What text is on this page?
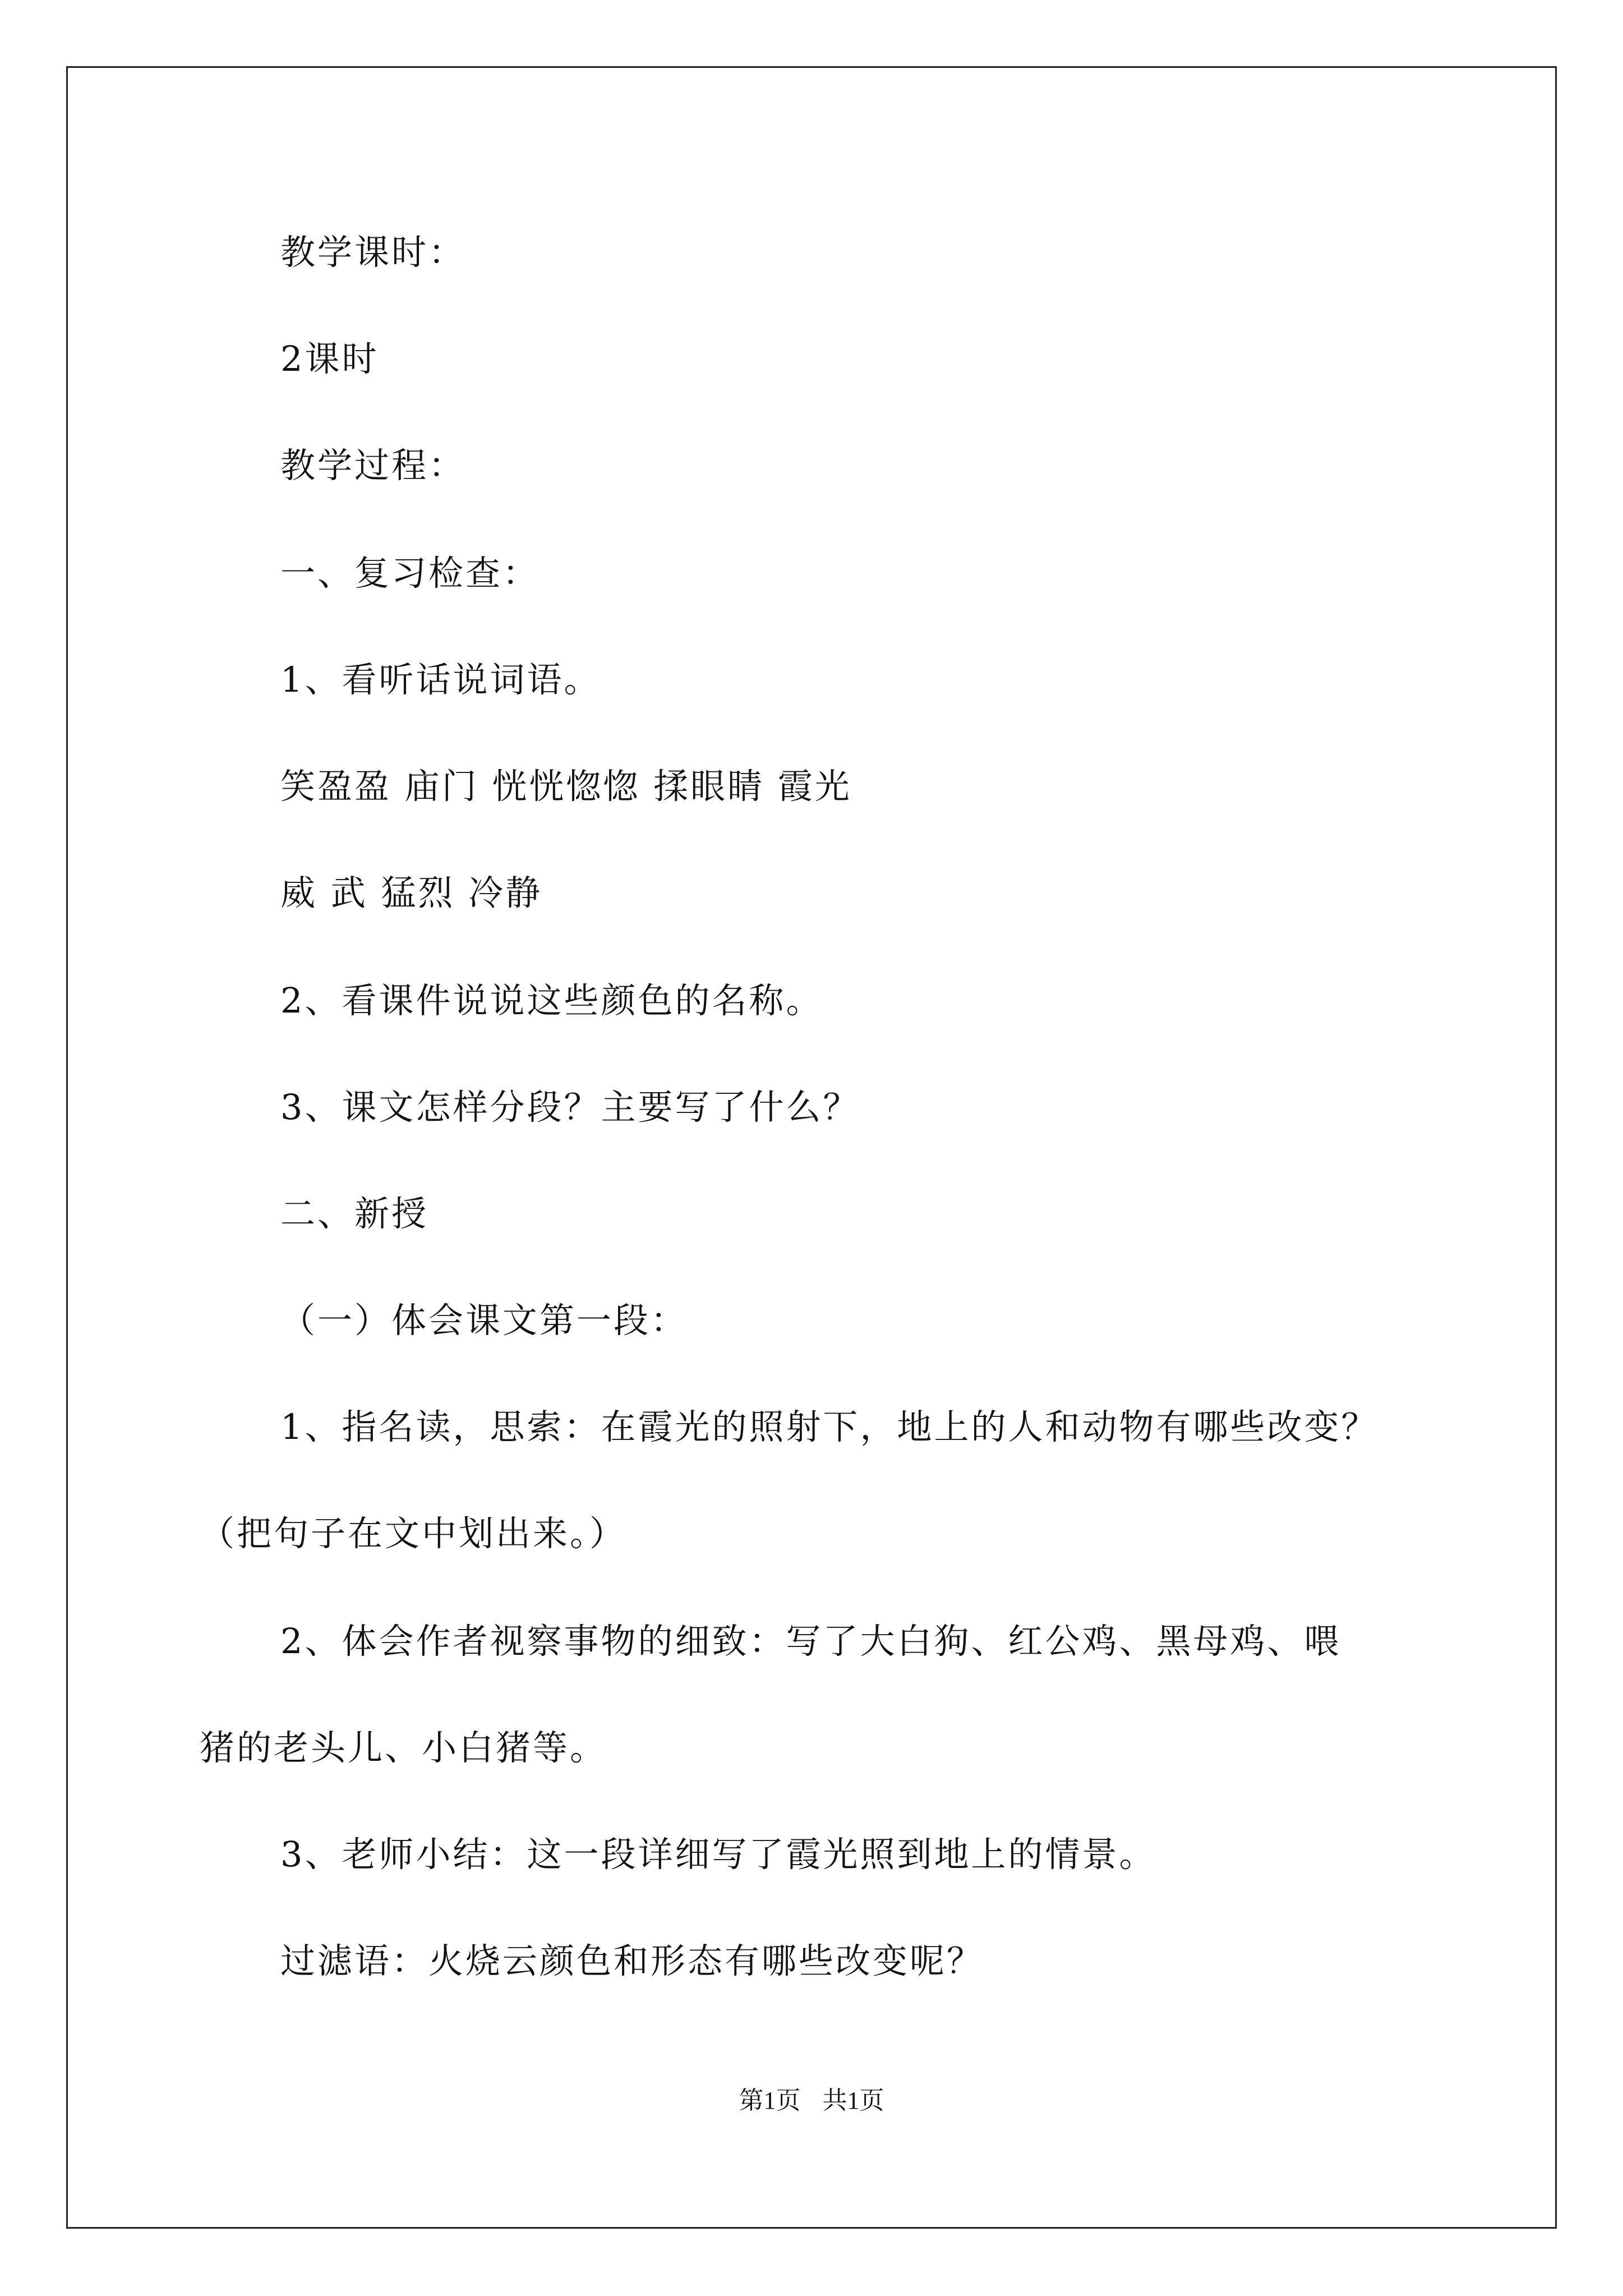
教学课时：
2课时
教学过程：
一、复习检查：
1、看听话说词语。
笑盈盈 庙门 恍恍惚惚 揉眼睛 霞光
威 武 猛烈 冷静
2、看课件说说这些颜色的名称。
3、课文怎样分段？主要写了什么？
二、新授
（一）体会课文第一段：
1、指名读，思索：在霞光的照射下，地上的人和动物有哪些改变？
（把句子在文中划出来。）
2、体会作者视察事物的细致：写了大白狗、红公鸡、黑母鸡、喂
猪的老头儿、小白猪等。
3、老师小结：这一段详细写了霞光照到地上的情景。
过滤语：火烧云颜色和形态有哪些改变呢？
第1页 共1页
